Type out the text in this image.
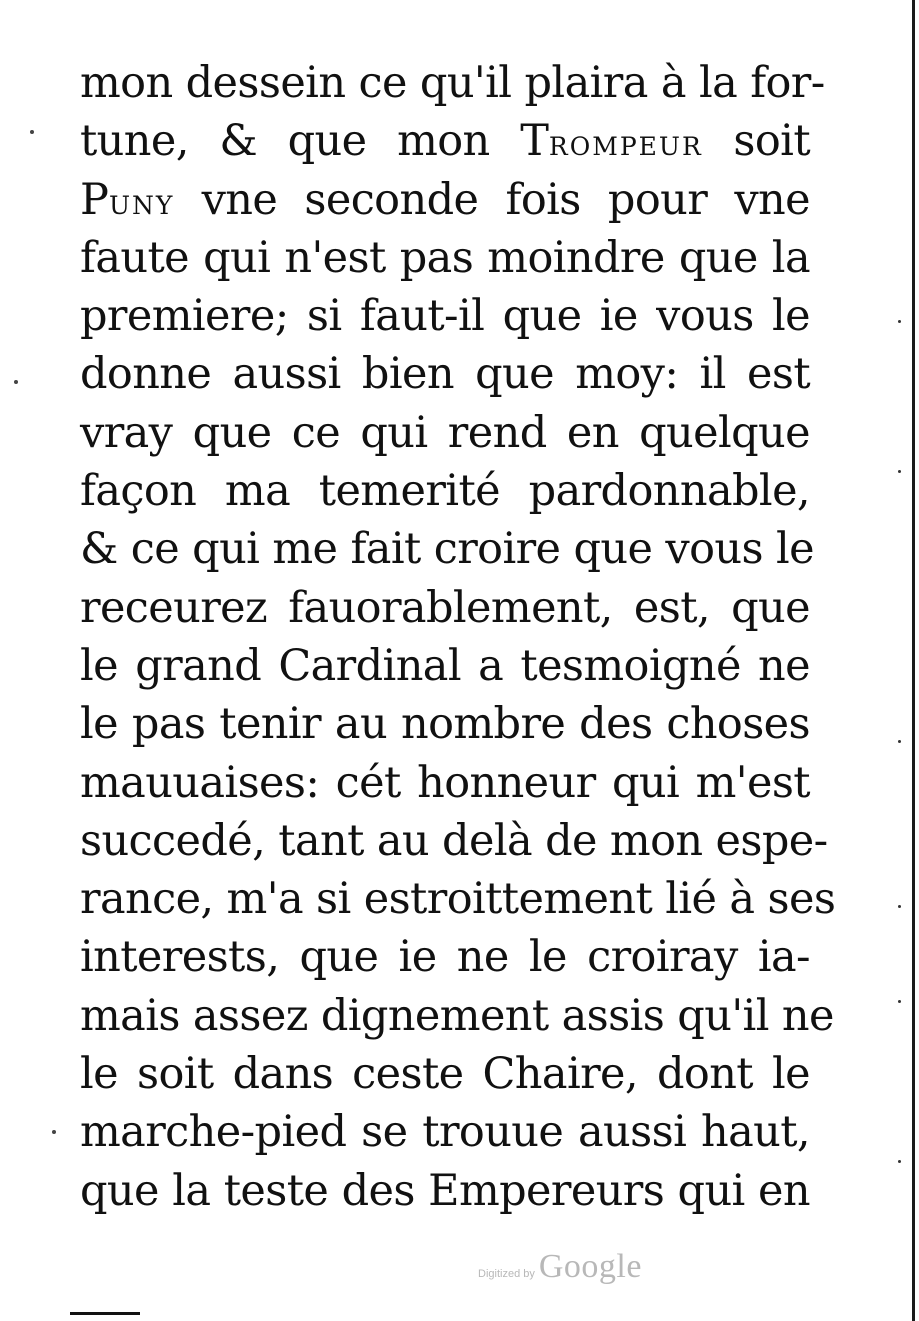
mon dessein ce qu'il plaira à la for-
tune, & que mon TROMPEUR soit
PUNY vne seconde fois pour vne
faute qui n'est pas moindre que la
premiere; si faut-il que ie vous le
donne aussi bien que moy: il est
vray que ce qui rend en quelque
façon ma temerité pardonnable,
& ce qui me fait croire que vous le
receurez fauorablement, est, que
le grand Cardinal a tesmoigné ne
le pas tenir au nombre des choses
mauuaises: cét honneur qui m'est
succedé, tant au delà de mon espe-
rance, m'a si estroittement lié à ses
interests, que ie ne le croiray ia-
mais assez dignement assis qu'il ne
le soit dans ceste Chaire, dont le
marche-pied se trouue aussi haut,
que la teste des Empereurs qui en
Digitized by Google
